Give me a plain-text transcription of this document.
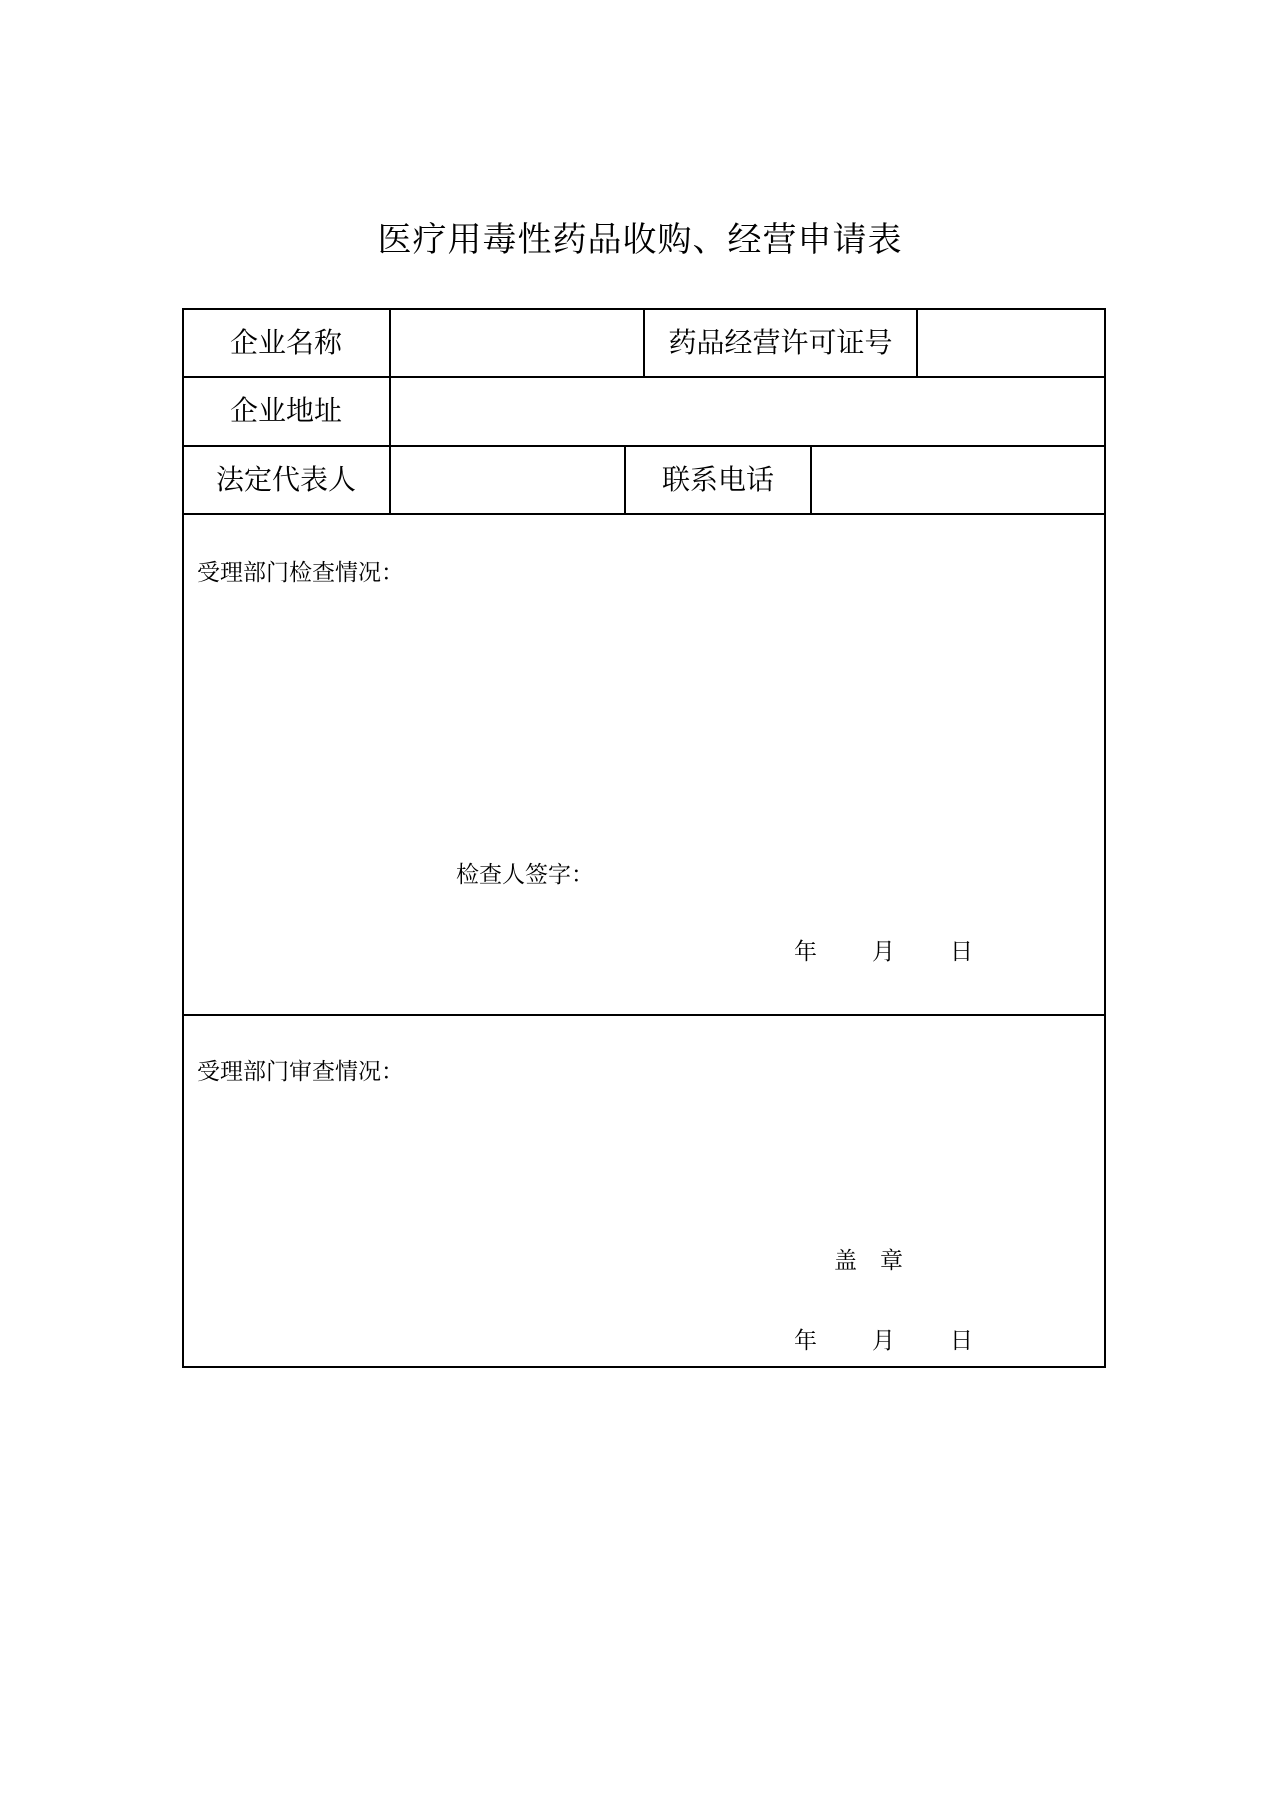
医疗用毒性药品收购、经营申请表
企业名称	药品经营许可证号
企业地址
法定代表人	联系电话
受理部门检查情况：
检查人签字：
年 月 日
受理部门审查情况：
盖　章
年 月 日
